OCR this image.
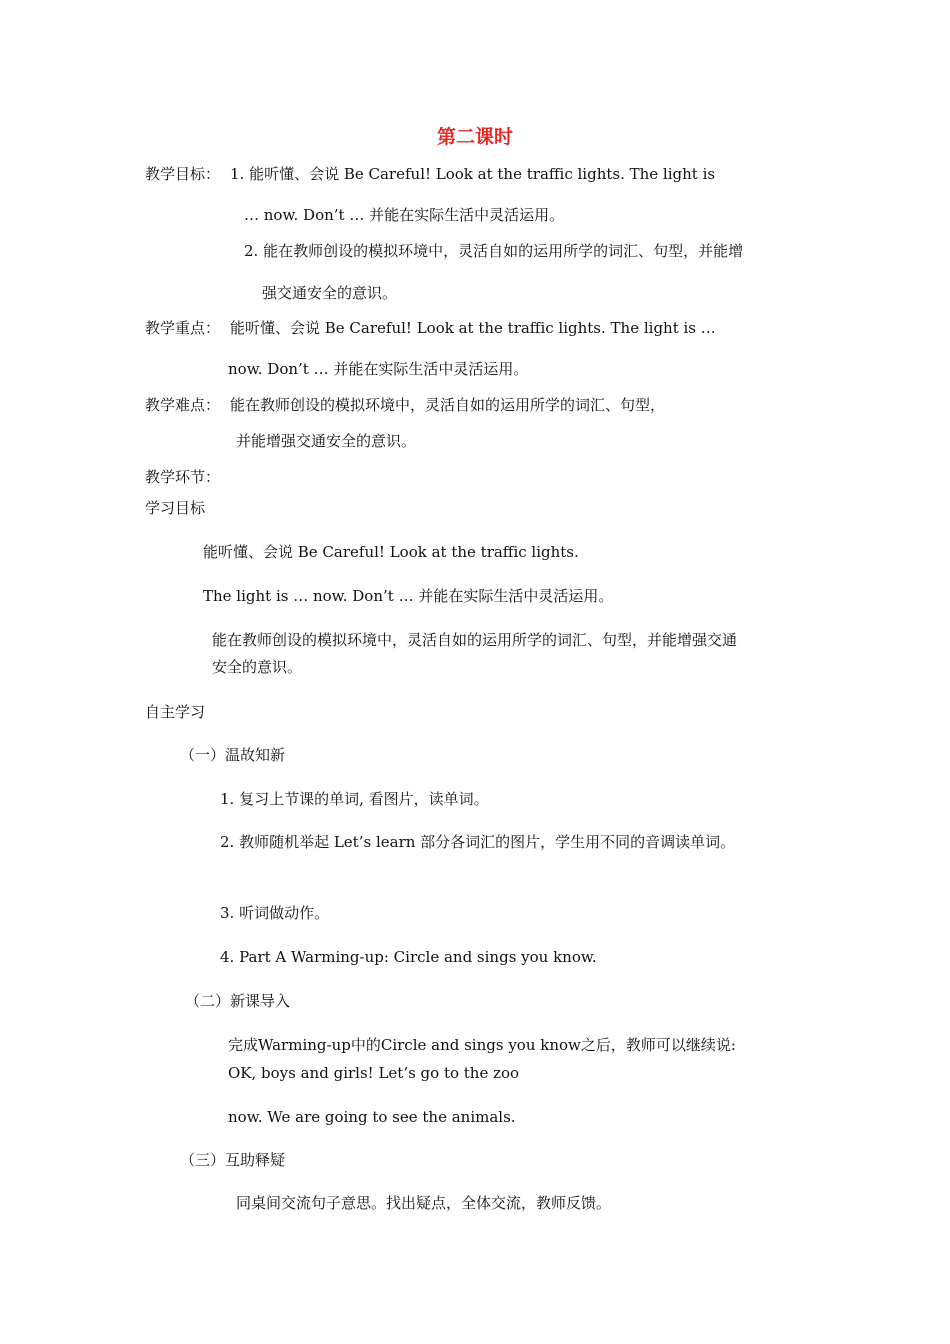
第二课时
教学目标： 1. 能听懂、会说 Be Careful! Look at the traffic lights. The light is
… now. Don’t … 并能在实际生活中灵活运用。
2. 能在教师创设的模拟环境中，灵活自如的运用所学的词汇、句型，并能增
强交通安全的意识。
教学重点： 能听懂、会说 Be Careful! Look at the traffic lights. The light is …
now. Don’t … 并能在实际生活中灵活运用。
教学难点： 能在教师创设的模拟环境中，灵活自如的运用所学的词汇、句型，
并能增强交通安全的意识。
教学环节：
学习目标
能听懂、会说 Be Careful! Look at the traffic lights.
The light is … now. Don’t … 并能在实际生活中灵活运用。
能在教师创设的模拟环境中，灵活自如的运用所学的词汇、句型，并能增强交通
安全的意识。
自主学习
（一）温故知新
1. 复习上节课的单词, 看图片，读单词。
2. 教师随机举起 Let’s learn 部分各词汇的图片，学生用不同的音调读单词。
3. 听词做动作。
4. Part A Warming-up: Circle and sings you know.
（二）新课导入
完成Warming-up中的Circle and sings you know之后，教师可以继续说:
OK, boys and girls! Let’s go to the zoo
now. We are going to see the animals.
（三）互助释疑
同桌间交流句子意思。找出疑点，全体交流，教师反馈。
